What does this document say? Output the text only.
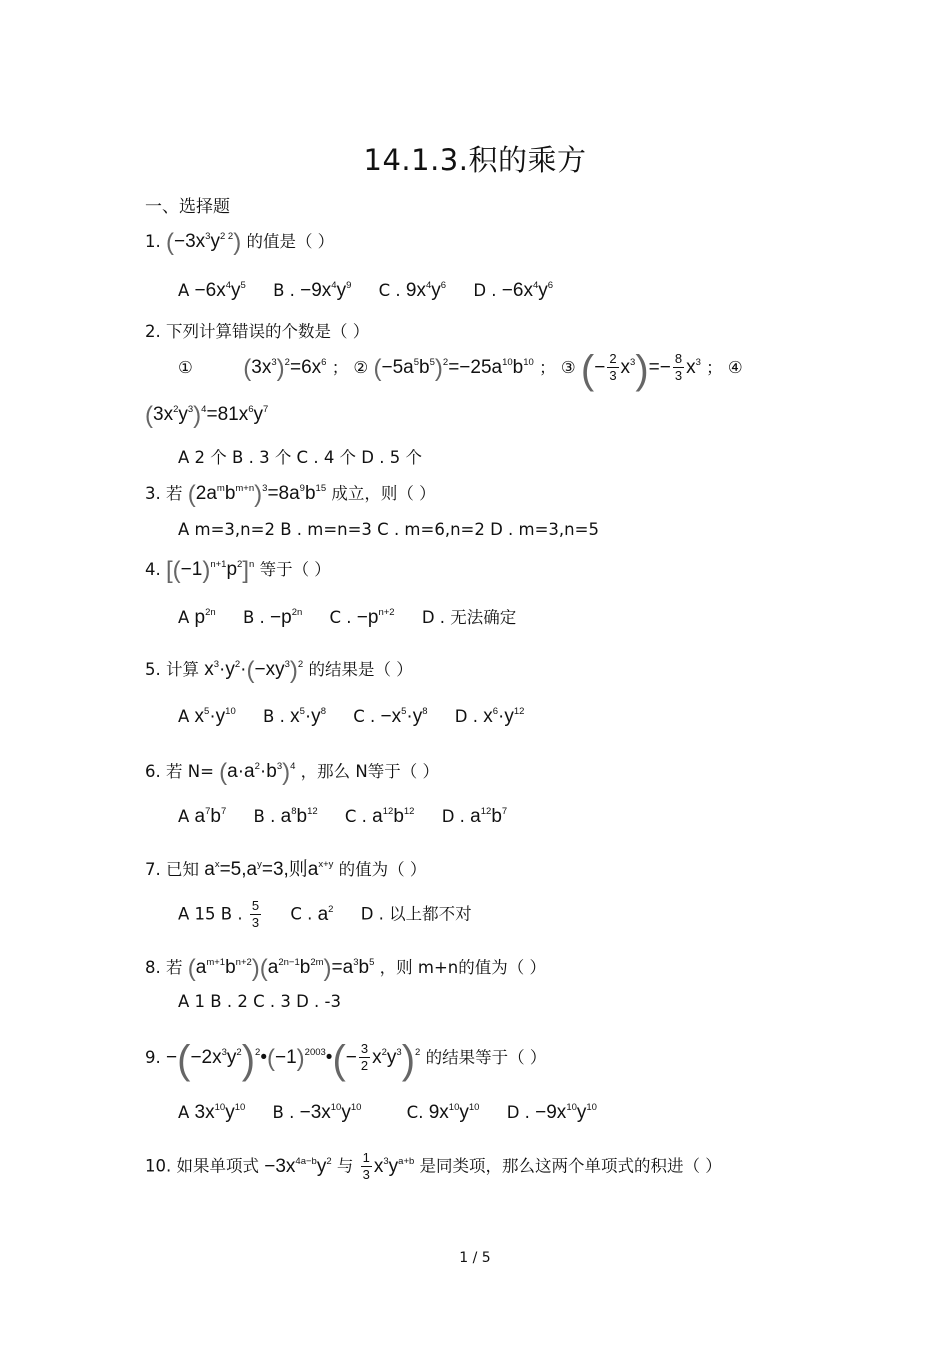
14.1.3.积的乘方
一、选择题
1. $(-3x^3y^{2 2})$ 的值是（ ）
$A -6x^4y^5$ B . $-9x^4y^9$ C . $9x^4y^6$ D . $-6x^4y^6$
2. 下列计算错误的个数是（ ）
① $(3x^3)^2=6x^6$ ； ② $(-5a^5b^5)^2=-25a^{10}b^{10}$ ； ③ (− $\frac{2}{3} x^3)=- \frac{8}{3} x^3$ ； ④
$(3x^2y^3)^4=81x^6y^7$
A 2 个 B . 3 个 C . 4 个 D . 5 个
3. 若 $(2a^mb^{m+n})^3=8a^9b^{15}$ 成立，则（ ）
A m=3,n=2 B . m=n=3 C . m=6,n=2 D . m=3,n=5
4. $[(-1)^{n+1}p^2]^n$ 等于（ ）
A $p^{2n}$ B . $-p^{2n}$ C . $-p^{n+2}$ D . 无法确定
5. 计算 $x^3\cdot y^2\cdot(-xy^3)^2$ 的结果是（ ）
A $x^5\cdot y^{10}$ B . $x^5\cdot y^8$ C . $-x^5\cdot y^8$ D . $x^6\cdot y^{12}$
6. 若 $N= (a\cdot a^2\cdot b^3)^4$ ，那么 N等于（ ）
A $a^7b^7$ B . $a^8b^{12}$ C . $a^{12}b^{12}$ D . $a^{12}b^7$
7. 已知 $a^x=5,a^y=3$,则$a^{x+y}$ 的值为（ ）
A 15 B . $\frac{5}{3}$ C . $a^2$ D . 以上都不对
8. 若 $(a^{m+1}b^{n+2})(a^{2n-1}b^{2m})=a^3b^5$ ，则 m+n的值为（ ）
A 1 B . 2 C . 3 D . -3
9. $-(-2x^3y^2)^2•(-1)^{2003}•(- \frac{3}{2} x^2y^3)^2$ 的结果等于（ ）
A $3x^{10}y^{10}$ B . $-3x^{10}y^{10}$	C. $9x^{10}y^{10}$ D . $-9x^{10}y^{10}$
10. 如果单项式 $-3x^{4a-b}y^2$ 与 $\frac{1}{3} x^3y^{a+b}$ 是同类项，那么这两个单项式的积进（ ）
1 / 5
